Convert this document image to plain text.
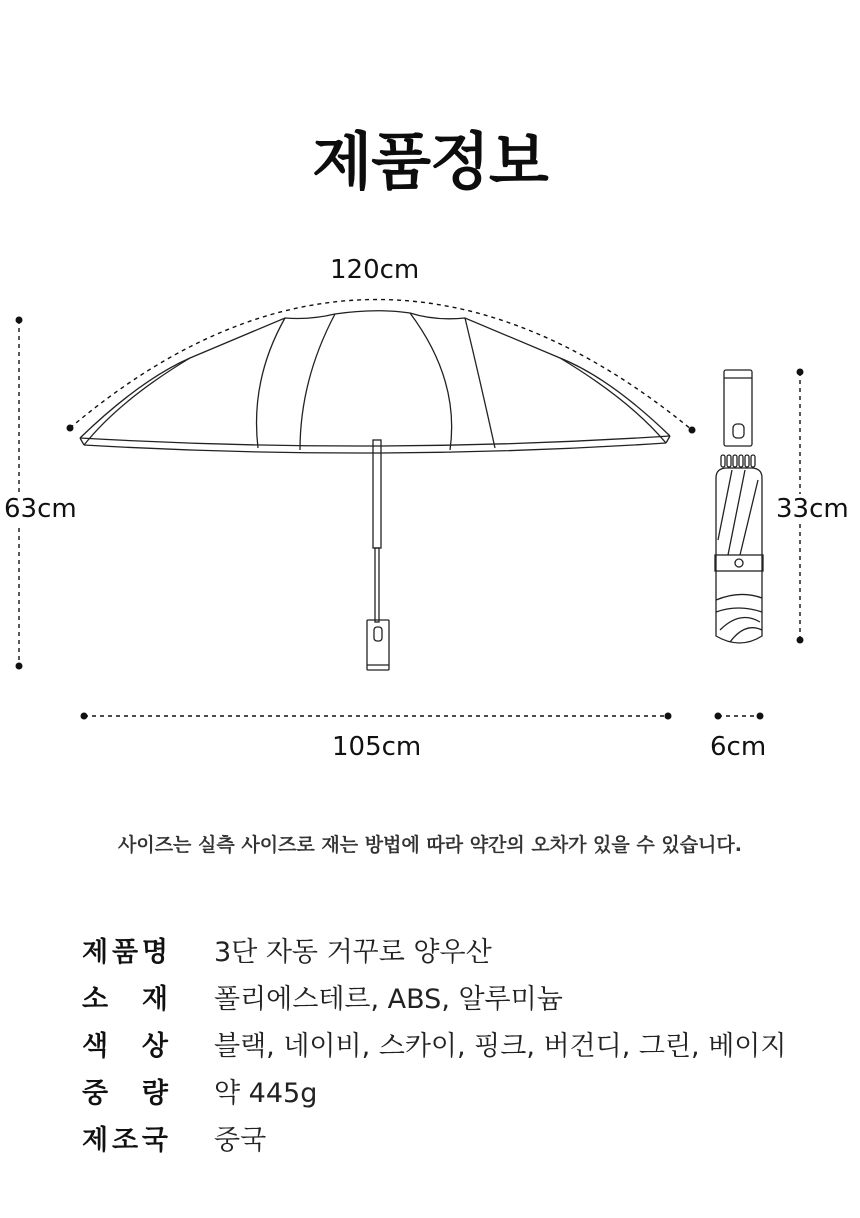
제품정보
120cm
63cm
105cm
33cm
6cm
사이즈는 실측 사이즈로 재는 방법에 따라 약간의 오차가 있을 수 있습니다.
제 품 명 3단 자동 거꾸로 양우산
소 재 폴리에스테르, ABS, 알루미늄
색 상 블랙, 네이비, 스카이, 핑크, 버건디, 그린, 베이지
중 량 약 445g
제 조 국 중국
